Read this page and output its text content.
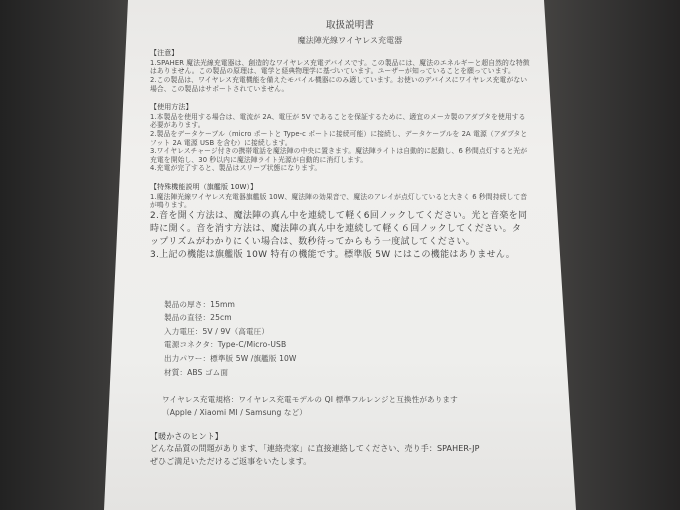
取扱説明書
魔法陣光線ワイヤレス充電器
【注意】

1.SPAHER 魔法光線充電器は、創造的なワイヤレス充電デバイスです。この製品には、魔法のエネルギーと超自然的な特徴はありません。この製品の原理は、電学と経典物理学に基づいています。ユーザーが知っていることを願っています。

2.この製品は、ワイヤレス充電機能を備えたモバイル機器にのみ適しています。お使いのデバイスにワイヤレス充電がない場合、この製品はサポートされていません。

【使用方法】

1.本製品を使用する場合は、電流が 2A、電圧が 5V であることを保証するために、適宜のメーカ製のアダプタを使用する必要があります。

2.製品をデータケーブル（micro ポートと Type-c ポートに接続可能）に接続し、データケーブルを 2A 電源（アダプタとフット 2A 電源 USB を含む）に接続します。

3.ワイヤレスチャージ付きの携帯電話を魔法陣の中央に置きます。魔法陣ライトは自動的に起動し、6 秒間点灯すると光が充電を開始し、30 秒以内に魔法陣ライト光源が自動的に消灯します。

4.充電が完了すると、製品はスリープ状態になります。

【特殊機能説明（旗艦版 10W）】

1.魔法陣光線ワイヤレス充電器旗艦版 10W、魔法陣の効果音で、魔法のアレイが点灯していると大きく 6 秒間持続して音が鳴ります。

2.音を開く方法は、魔法陣の真ん中を連続して軽く6回ノックしてください。光と音楽を同時に開く。音を消す方法は、魔法陣の真ん中を連続して軽く６回ノックしてください。タップリズムがわかりにくい場合は、数秒待ってからもう一度試してください。

3.上記の機能は旗艦版 10W 特有の機能です。標準版 5W にはこの機能はありません。

製品の厚さ：15mm
製品の直径：25cm
入力電圧：5V / 9V（高電圧）
電源コネクタ：Type-C/Micro-USB
出力パワー：標準版 5W /旗艦版 10W
材質：ABS ゴム面
ワイヤレス充電規格：ワイヤレス充電モデルの QI 標準フルレンジと互換性があります
（Apple / Xiaomi MI / Samsung など）
【暖かさのヒント】
どんな品質の問題があります、「連絡売家」に直接連絡してください、売り手：SPAHER-JP
ぜひご満足いただけるご返事をいたします。
